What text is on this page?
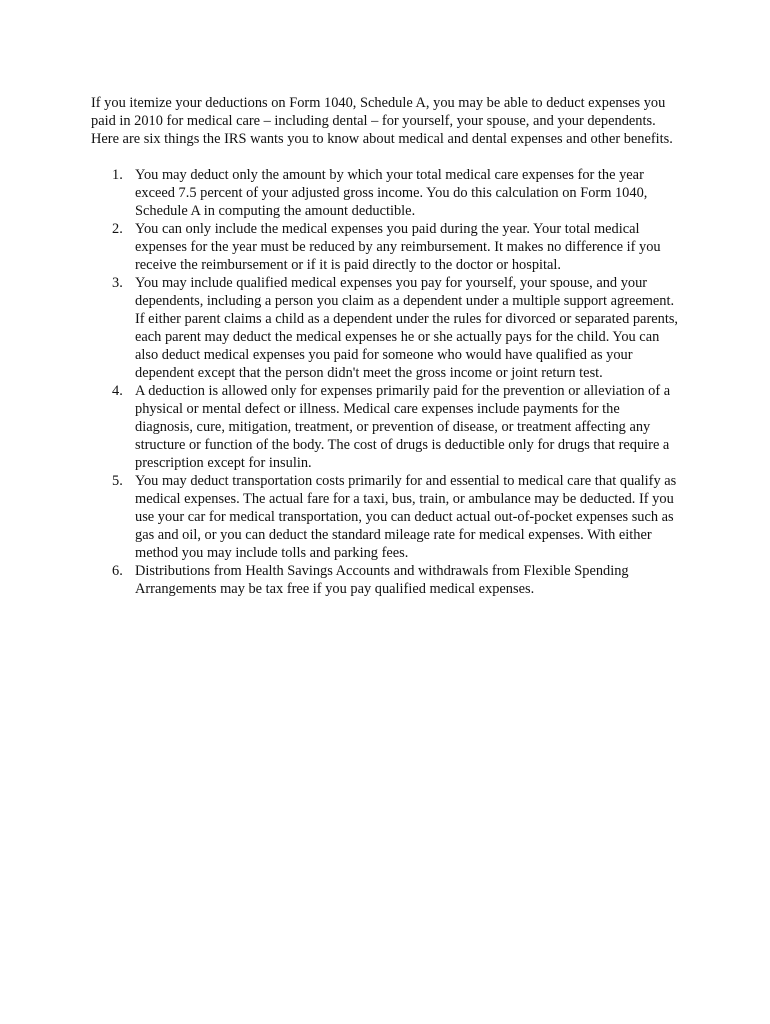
If you itemize your deductions on Form 1040, Schedule A, you may be able to deduct expenses you paid in 2010 for medical care – including dental – for yourself, your spouse, and your dependents. Here are six things the IRS wants you to know about medical and dental expenses and other benefits.

1. You may deduct only the amount by which your total medical care expenses for the year exceed 7.5 percent of your adjusted gross income. You do this calculation on Form 1040, Schedule A in computing the amount deductible.
2. You can only include the medical expenses you paid during the year. Your total medical expenses for the year must be reduced by any reimbursement. It makes no difference if you receive the reimbursement or if it is paid directly to the doctor or hospital.
3. You may include qualified medical expenses you pay for yourself, your spouse, and your dependents, including a person you claim as a dependent under a multiple support agreement. If either parent claims a child as a dependent under the rules for divorced or separated parents, each parent may deduct the medical expenses he or she actually pays for the child. You can also deduct medical expenses you paid for someone who would have qualified as your dependent except that the person didn't meet the gross income or joint return test.
4. A deduction is allowed only for expenses primarily paid for the prevention or alleviation of a physical or mental defect or illness. Medical care expenses include payments for the diagnosis, cure, mitigation, treatment, or prevention of disease, or treatment affecting any structure or function of the body. The cost of drugs is deductible only for drugs that require a prescription except for insulin.
5. You may deduct transportation costs primarily for and essential to medical care that qualify as medical expenses. The actual fare for a taxi, bus, train, or ambulance may be deducted. If you use your car for medical transportation, you can deduct actual out-of-pocket expenses such as gas and oil, or you can deduct the standard mileage rate for medical expenses. With either method you may include tolls and parking fees.
6. Distributions from Health Savings Accounts and withdrawals from Flexible Spending Arrangements may be tax free if you pay qualified medical expenses.
